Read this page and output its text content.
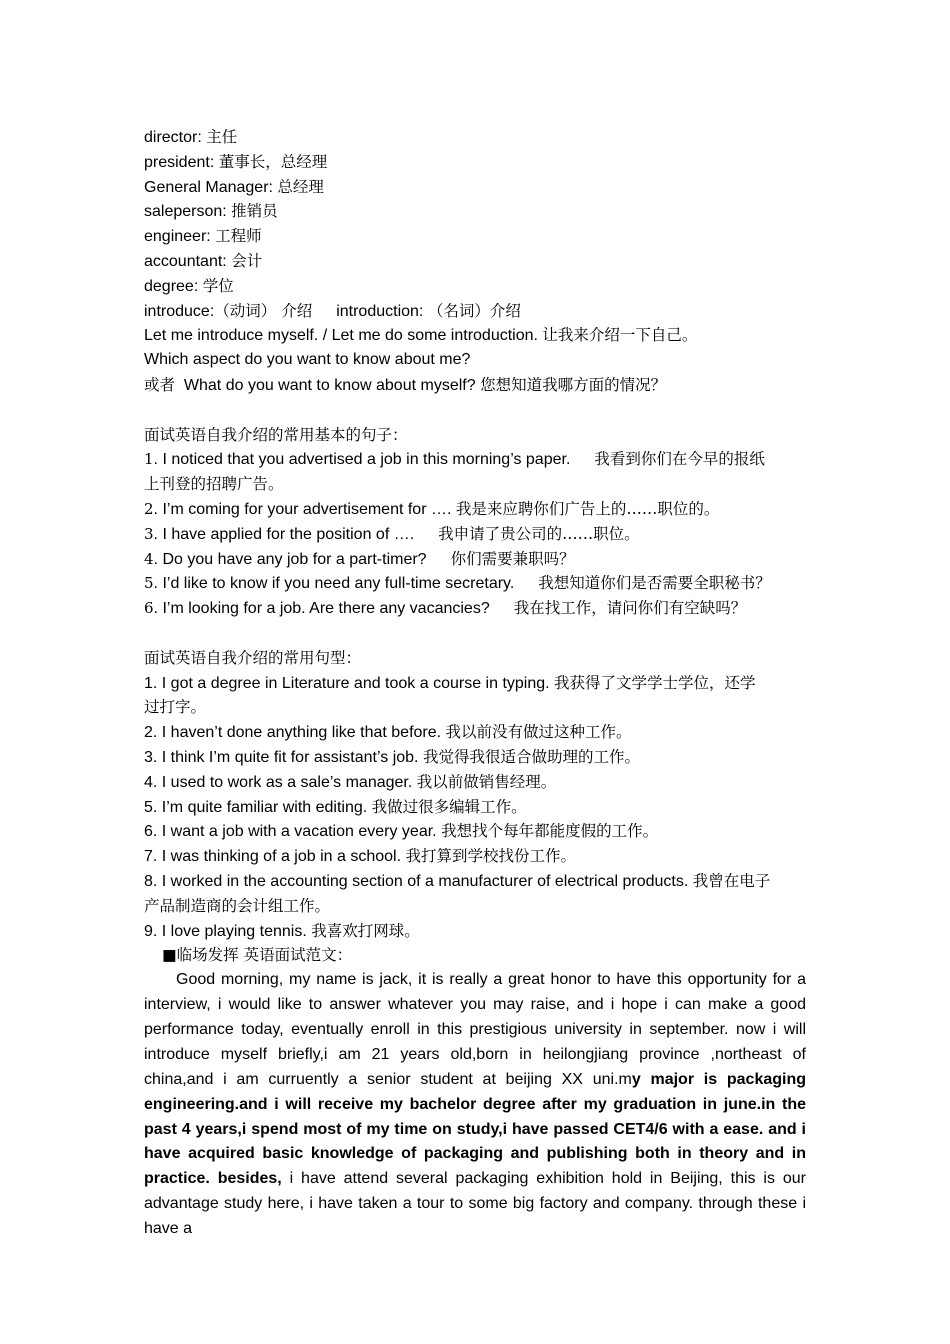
director: 主任
president: 董事长，总经理
General Manager: 总经理
saleperson: 推销员
engineer: 工程师
accountant: 会计
degree: 学位
introduce:（动词） 介绍 introduction: （名词）介绍
Let me introduce myself. / Let me do some introduction. 让我来介绍一下自己。
Which aspect do you want to know about me?
或者 What do you want to know about myself? 您想知道我哪方面的情况？
面试英语自我介绍的常用基本的句子：
1. I noticed that you advertised a job in this morning’s paper. 我看到你们在今早的报纸
上刊登的招聘广告。
2. I’m coming for your advertisement for …. 我是来应聘你们广告上的……职位的。
3. I have applied for the position of …. 我申请了贵公司的……职位。
4. Do you have any job for a part-timer? 你们需要兼职吗？
5. I’d like to know if you need any full-time secretary. 我想知道你们是否需要全职秘书？
6. I’m looking for a job. Are there any vacancies? 我在找工作，请问你们有空缺吗？
面试英语自我介绍的常用句型：
1. I got a degree in Literature and took a course in typing. 我获得了文学学士学位，还学
过打字。
2. I haven’t done anything like that before. 我以前没有做过这种工作。
3. I think I’m quite fit for assistant’s job. 我觉得我很适合做助理的工作。
4. I used to work as a sale’s manager. 我以前做销售经理。
5. I’m quite familiar with editing. 我做过很多编辑工作。
6. I want a job with a vacation every year. 我想找个每年都能度假的工作。
7. I was thinking of a job in a school. 我打算到学校找份工作。
8. I worked in the accounting section of a manufacturer of electrical products. 我曾在电子
产品制造商的会计组工作。
9. I love playing tennis. 我喜欢打网球。
■临场发挥 英语面试范文：
Good morning, my name is jack, it is really a great honor to have this opportunity for a interview, i would like to answer whatever you may raise, and i hope i can make a good performance today, eventually enroll in this prestigious university in september. now i will introduce myself briefly,i am 21 years old,born in heilongjiang province ,northeast of china,and i am curruently a senior student at beijing XX uni.my major is packaging engineering.and i will receive my bachelor degree after my graduation in june.in the past 4 years,i spend most of my time on study,i have passed CET4/6 with a ease. and i have acquired basic knowledge of packaging and publishing both in theory and in practice. besides, i have attend several packaging exhibition hold in Beijing, this is our advantage study here, i have taken a tour to some big factory and company. through these i have a
